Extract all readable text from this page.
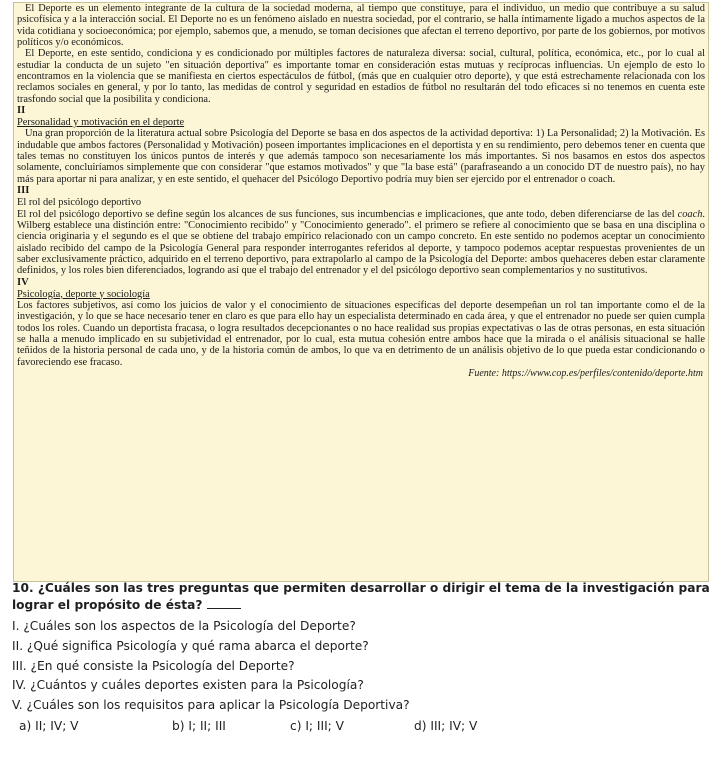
El Deporte es un elemento integrante de la cultura de la sociedad moderna, al tiempo que constituye, para el individuo, un medio que contribuye a su salud psicofísica y a la interacción social. El Deporte no es un fenómeno aislado en nuestra sociedad, por el contrario, se halla íntimamente ligado a muchos aspectos de la vida cotidiana y socioeconómica; por ejemplo, sabemos que, a menudo, se toman decisiones que afectan el terreno deportivo, por parte de los gobiernos, por motivos políticos y/o económicos.

El Deporte, en este sentido, condiciona y es condicionado por múltiples factores de naturaleza diversa: social, cultural, política, económica, etc., por lo cual al estudiar la conducta de un sujeto "en situación deportiva" es importante tomar en consideración estas mutuas y recíprocas influencias. Un ejemplo de esto lo encontramos en la violencia que se manifiesta en ciertos espectáculos de fútbol, (más que en cualquier otro deporte), y que está estrechamente relacionada con los reclamos sociales en general, y por lo tanto, las medidas de control y seguridad en estadios de fútbol no resultarán del todo eficaces si no tenemos en cuenta este trasfondo social que la posibilita y condiciona.

II

Personalidad y motivación en el deporte

Una gran proporción de la literatura actual sobre Psicología del Deporte se basa en dos aspectos de la actividad deportiva: 1) La Personalidad; 2) la Motivación. Es indudable que ambos factores (Personalidad y Motivación) poseen importantes implicaciones en el deportista y en su rendimiento, pero debemos tener en cuenta que tales temas no constituyen los únicos puntos de interés y que además tampoco son necesariamente los más importantes. Si nos basamos en estos dos aspectos solamente, concluiríamos simplemente que con considerar "que estamos motivados" y que "la base está" (parafraseando a un conocido DT de nuestro país), no hay más para aportar ni para analizar, y en este sentido, el quehacer del Psicólogo Deportivo podría muy bien ser ejercido por el entrenador o coach.

III

El rol del psicólogo deportivo

El rol del psicólogo deportivo se define según los alcances de sus funciones, sus incumbencias e implicaciones, que ante todo, deben diferenciarse de las del coach. Wilberg establece una distinción entre: "Conocimiento recibido" y "Conocimiento generado". el primero se refiere al conocimiento que se basa en una disciplina o ciencia originaria y el segundo es el que se obtiene del trabajo empírico relacionado con un campo concreto. En este sentido no podemos aceptar un conocimiento aislado recibido del campo de la Psicología General para responder interrogantes referidos al deporte, y tampoco podemos aceptar respuestas provenientes de un saber exclusivamente práctico, adquirido en el terreno deportivo, para extrapolarlo al campo de la Psicología del Deporte: ambos quehaceres deben estar claramente definidos, y los roles bien diferenciados, logrando así que el trabajo del entrenador y el del psicólogo deportivo sean complementarios y no sustitutivos.

IV

Psicología, deporte y sociología

Los factores subjetivos, así como los juicios de valor y el conocimiento de situaciones específicas del deporte desempeñan un rol tan importante como el de la investigación, y lo que se hace necesario tener en claro es que para ello hay un especialista determinado en cada área, y que el entrenador no puede ser quien cumpla todos los roles. Cuando un deportista fracasa, o logra resultados decepcionantes o no hace realidad sus propias expectativas o las de otras personas, en esta situación se halla a menudo implicado en su subjetividad el entrenador, por lo cual, esta mutua cohesión entre ambos hace que la mirada o el análisis situacional se halle teñidos de la historia personal de cada uno, y de la historia común de ambos, lo que va en detrimento de un análisis objetivo de lo que pueda estar condicionando o favoreciendo ese fracaso.

Fuente: https://www.cop.es/perfiles/contenido/deporte.htm

10. ¿Cuáles son las tres preguntas que permiten desarrollar o dirigir el tema de la investigación para lograr el propósito de ésta?

I. ¿Cuáles son los aspectos de la Psicología del Deporte?

II. ¿Qué significa Psicología y qué rama abarca el deporte?

III. ¿En qué consiste la Psicología del Deporte?

IV. ¿Cuántos y cuáles deportes existen para la Psicología?

V. ¿Cuáles son los requisitos para aplicar la Psicología Deportiva?

a) II; IV; V	b) I; II; III	c) I; III; V	d) III; IV; V
